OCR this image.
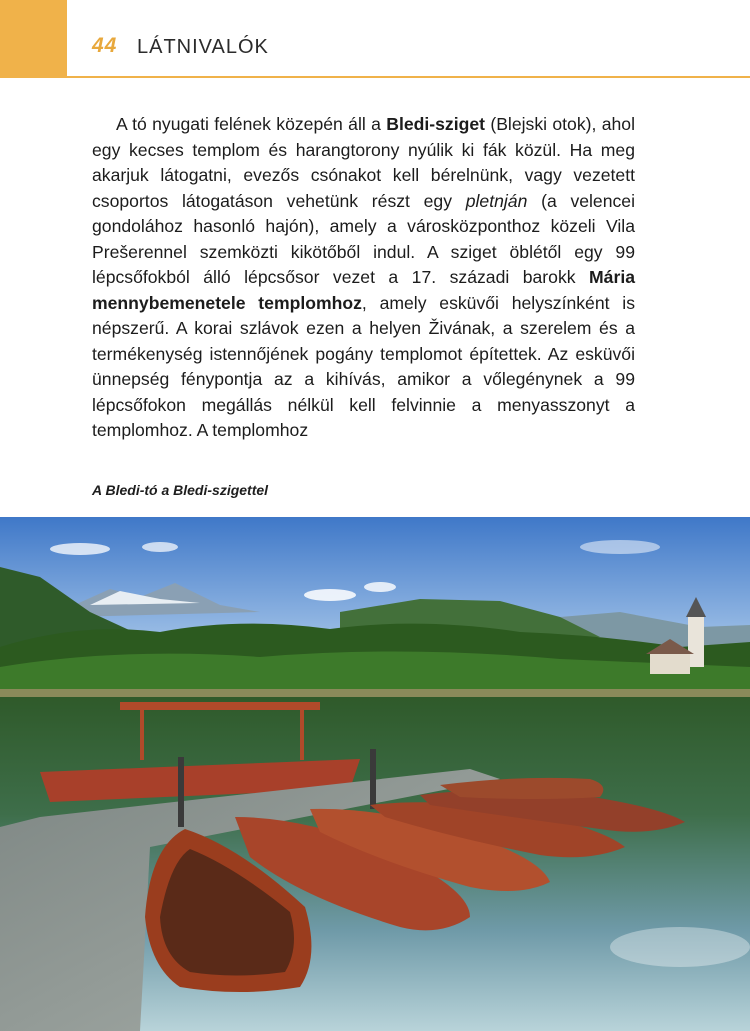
44 LÁTNIVALÓK
A tó nyugati felének közepén áll a Bledi-sziget (Blejski otok), ahol egy kecses templom és harangtorony nyúlik ki fák közül. Ha meg akarjuk látogatni, evezős csónakot kell bérelnünk, vagy vezetett csoportos látogatáson vehetünk részt egy pletnján (a velencei gondolához hasonló hajón), amely a városközponthoz közeli Vila Prešerennel szemközti kikötőből indul. A sziget öblétől egy 99 lépcsőfokból álló lépcsősor vezet a 17. századi barokk Mária mennybemenetele templomhoz, amely esküvői helyszínként is népszerű. A korai szlávok ezen a helyen Živának, a szerelem és a termékenység istennőjének pogány templomot építettek. Az esküvői ünnepség fénypontja az a kihívás, amikor a vőlegénynek a 99 lépcsőfokon megállás nélkül kell felvinnie a menyasszonyt a templomhoz. A templomhoz
A Bledi-tó a Bledi-szigettel
